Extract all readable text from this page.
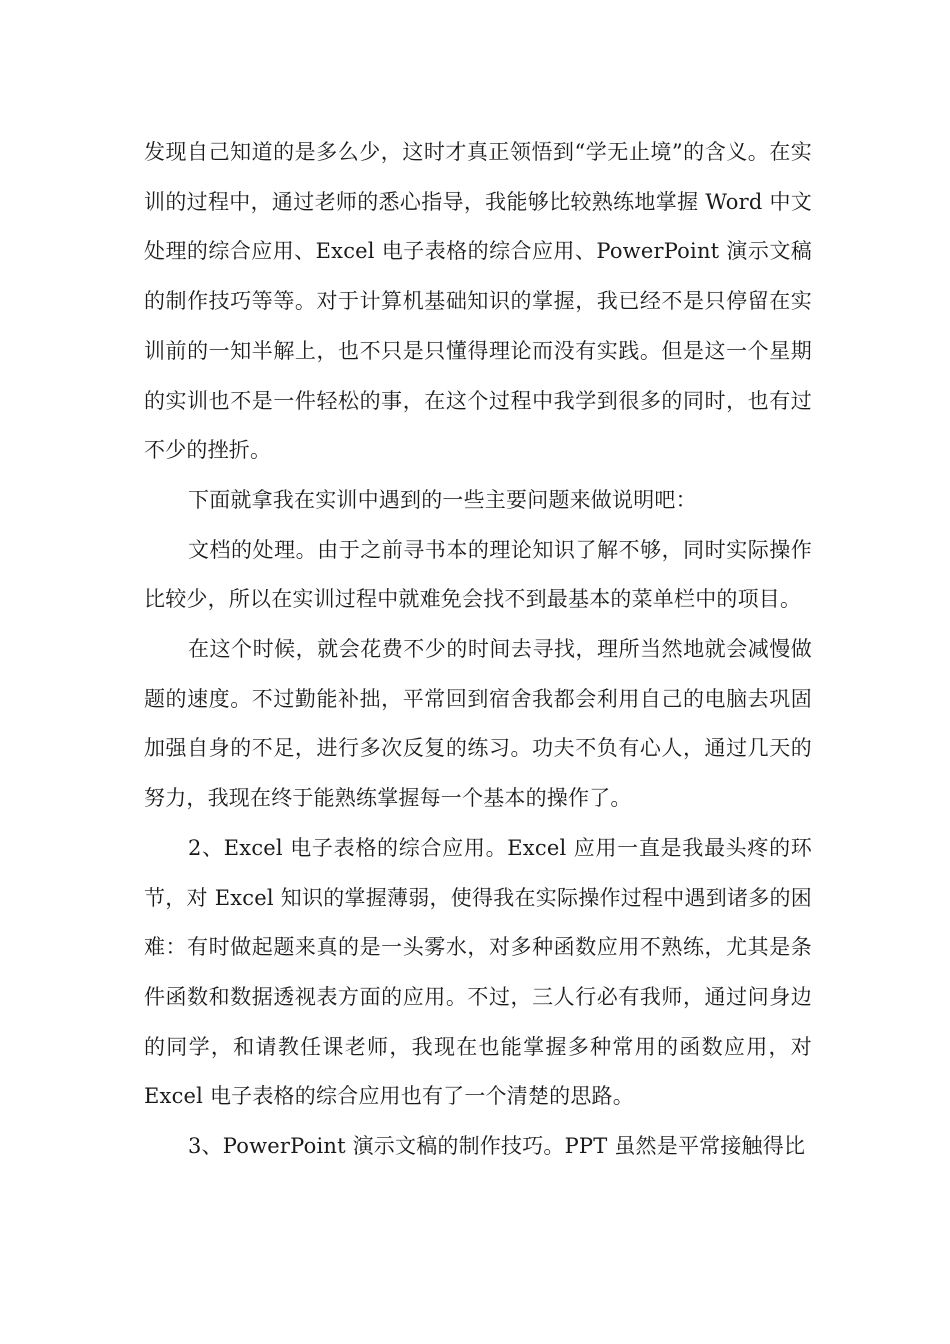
发现自己知道的是多么少，这时才真正领悟到“学无止境”的含义。在实训的过程中，通过老师的悉心指导，我能够比较熟练地掌握 Word 中文处理的综合应用、Excel 电子表格的综合应用、PowerPoint 演示文稿的制作技巧等等。对于计算机基础知识的掌握，我已经不是只停留在实训前的一知半解上，也不只是只懂得理论而没有实践。但是这一个星期的实训也不是一件轻松的事，在这个过程中我学到很多的同时，也有过不少的挫折。

下面就拿我在实训中遇到的一些主要问题来做说明吧：

文档的处理。由于之前寻书本的理论知识了解不够，同时实际操作比较少，所以在实训过程中就难免会找不到最基本的菜单栏中的项目。

在这个时候，就会花费不少的时间去寻找，理所当然地就会减慢做题的速度。不过勤能补拙，平常回到宿舍我都会利用自己的电脑去巩固加强自身的不足，进行多次反复的练习。功夫不负有心人，通过几天的努力，我现在终于能熟练掌握每一个基本的操作了。

2、Excel 电子表格的综合应用。Excel 应用一直是我最头疼的环节，对 Excel 知识的掌握薄弱，使得我在实际操作过程中遇到诸多的困难：有时做起题来真的是一头雾水，对多种函数应用不熟练，尤其是条件函数和数据透视表方面的应用。不过，三人行必有我师，通过问身边的同学，和请教任课老师，我现在也能掌握多种常用的函数应用，对 Excel 电子表格的综合应用也有了一个清楚的思路。

3、PowerPoint 演示文稿的制作技巧。PPT 虽然是平常接触得比
